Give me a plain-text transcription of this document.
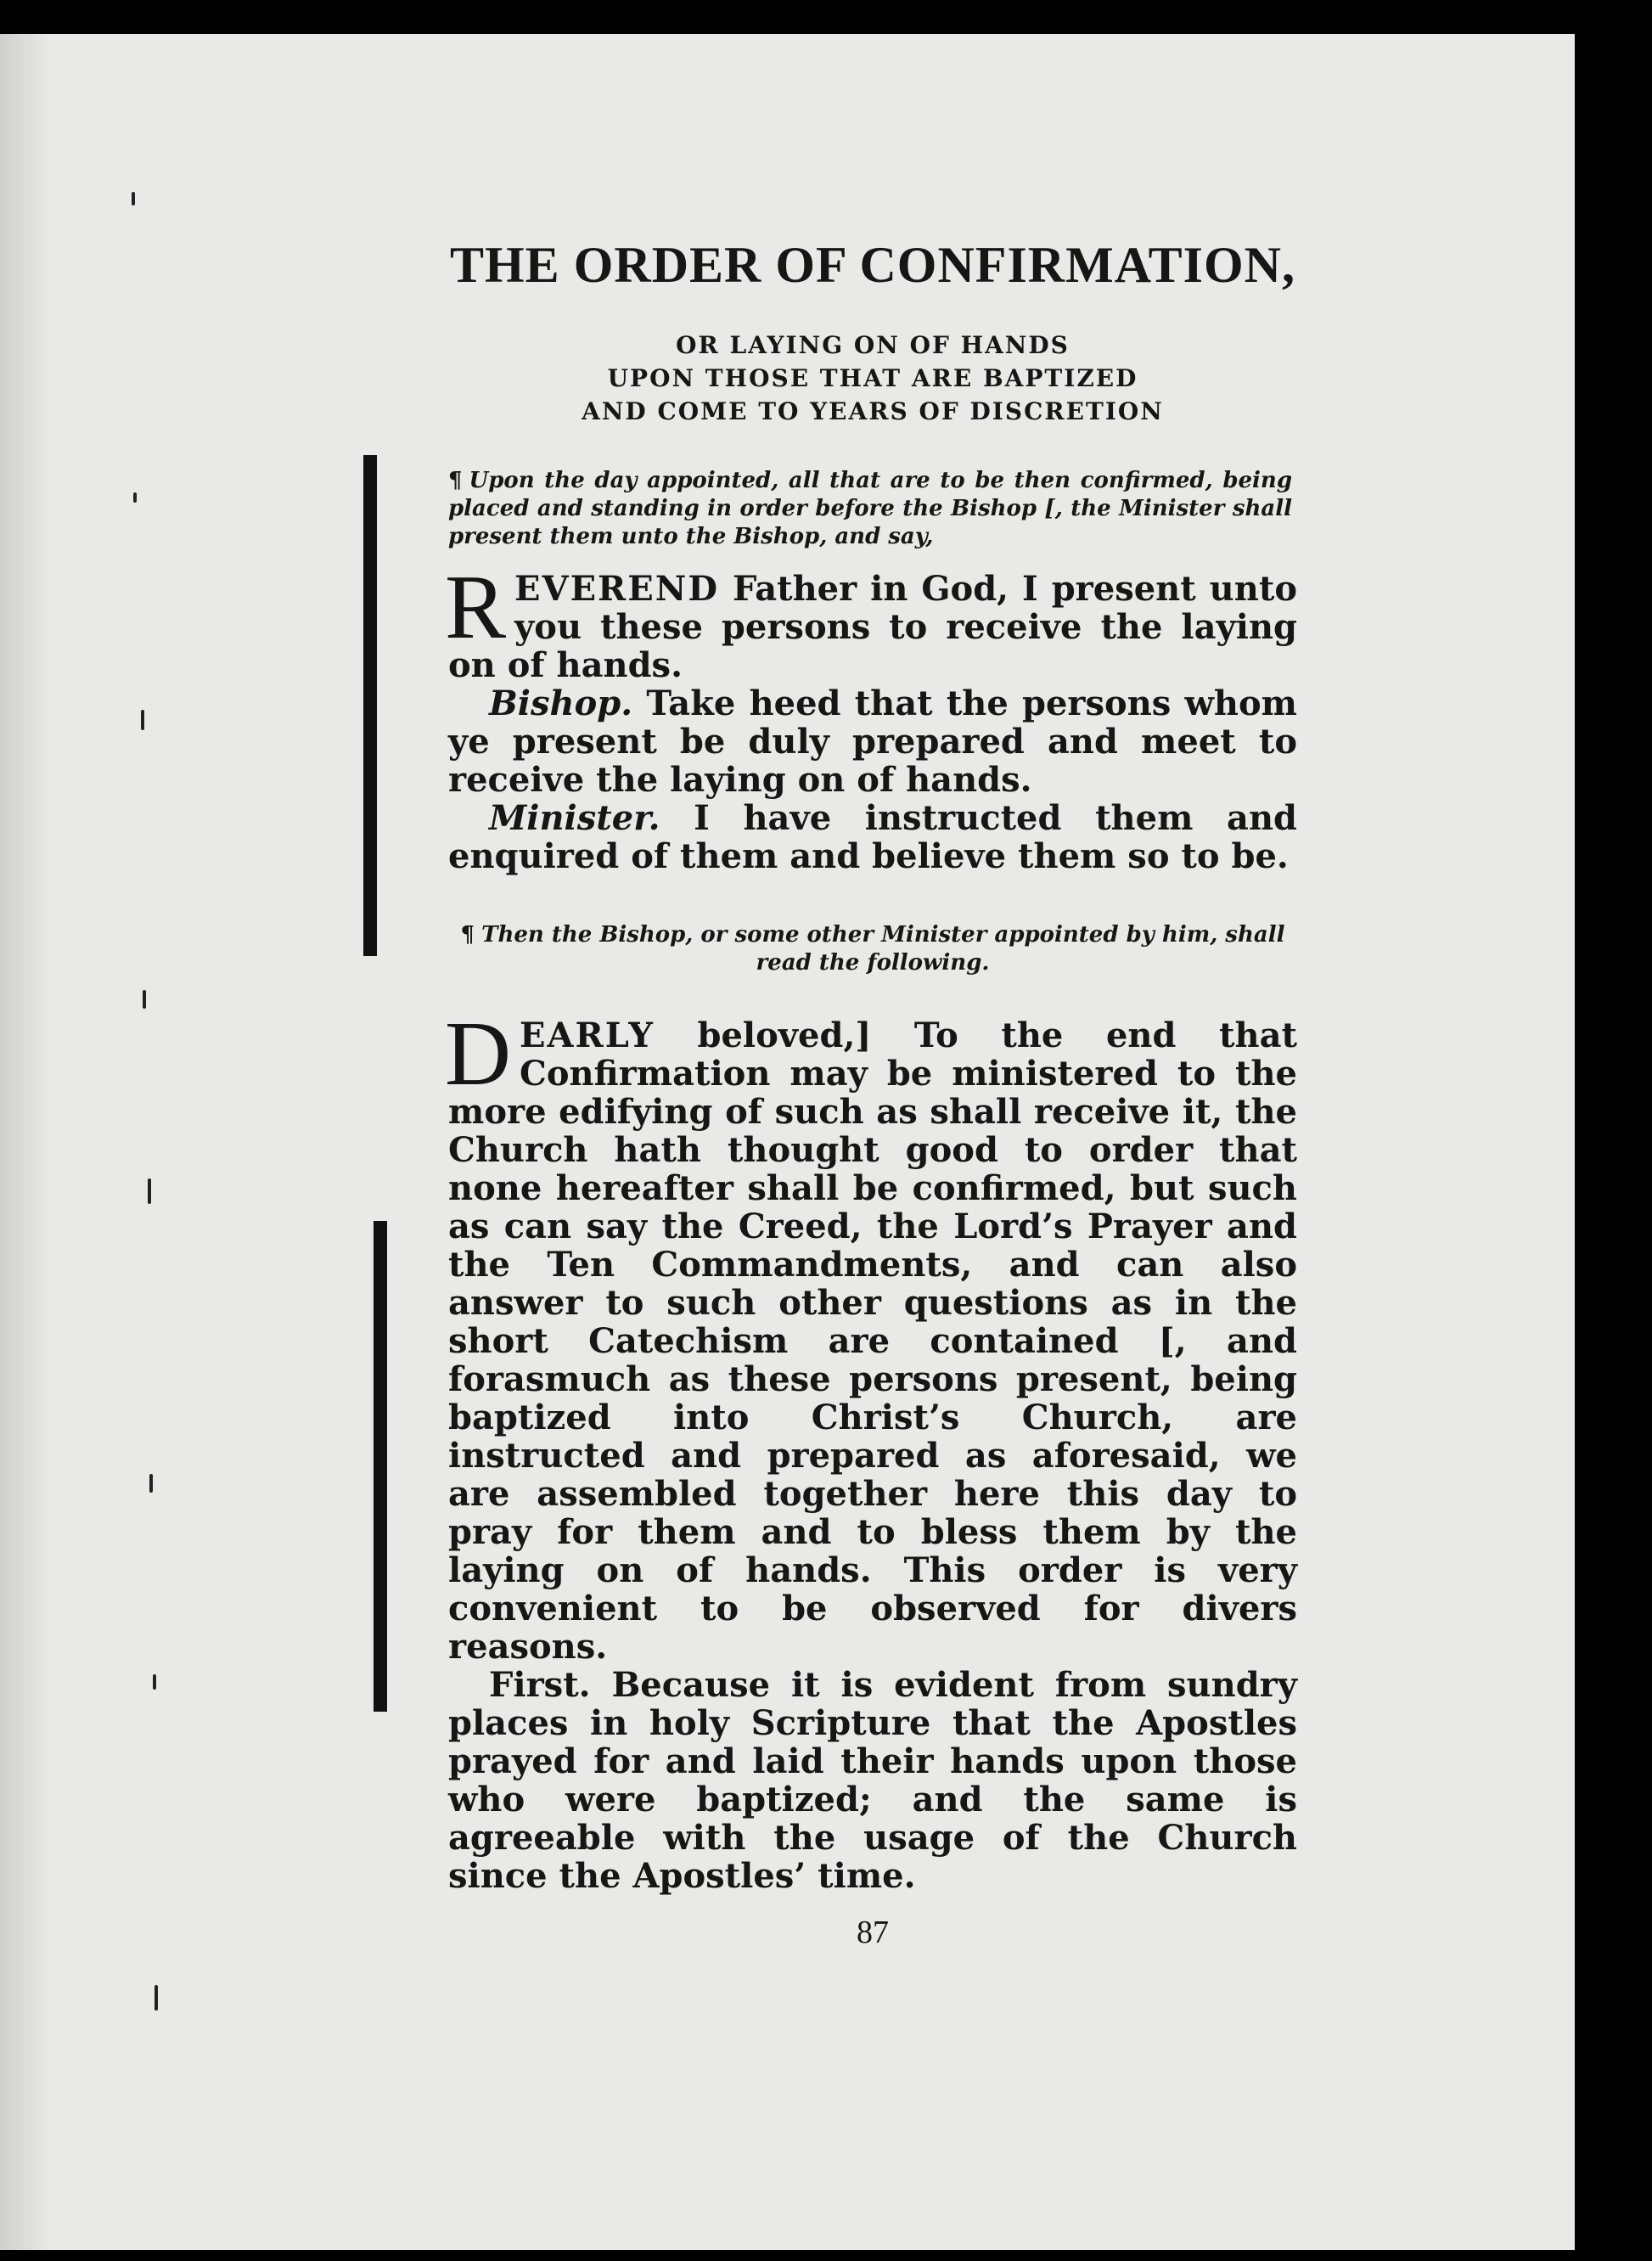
THE ORDER OF CONFIRMATION,
OR LAYING ON OF HANDS
UPON THOSE THAT ARE BAPTIZED
AND COME TO YEARS OF DISCRETION

¶ Upon the day appointed, all that are to be then confirmed, being placed and standing in order before the Bishop [, the Minister shall present them unto the Bishop, and say,

REVEREND Father in God, I present unto you these persons to receive the laying on of hands.

Bishop. Take heed that the persons whom ye present be duly prepared and meet to receive the laying on of hands.

Minister. I have instructed them and enquired of them and believe them so to be.

¶ Then the Bishop, or some other Minister appointed by him, shall read the following.

DEARLY beloved,] To the end that Confirmation may be ministered to the more edifying of such as shall receive it, the Church hath thought good to order that none hereafter shall be confirmed, but such as can say the Creed, the Lord’s Prayer and the Ten Commandments, and can also answer to such other questions as in the short Catechism are contained [, and forasmuch as these persons present, being baptized into Christ’s Church, are instructed and prepared as aforesaid, we are assembled together here this day to pray for them and to bless them by the laying on of hands. This order is very convenient to be observed for divers reasons.

First. Because it is evident from sundry places in holy Scripture that the Apostles prayed for and laid their hands upon those who were baptized; and the same is agreeable with the usage of the Church since the Apostles’ time.

87
